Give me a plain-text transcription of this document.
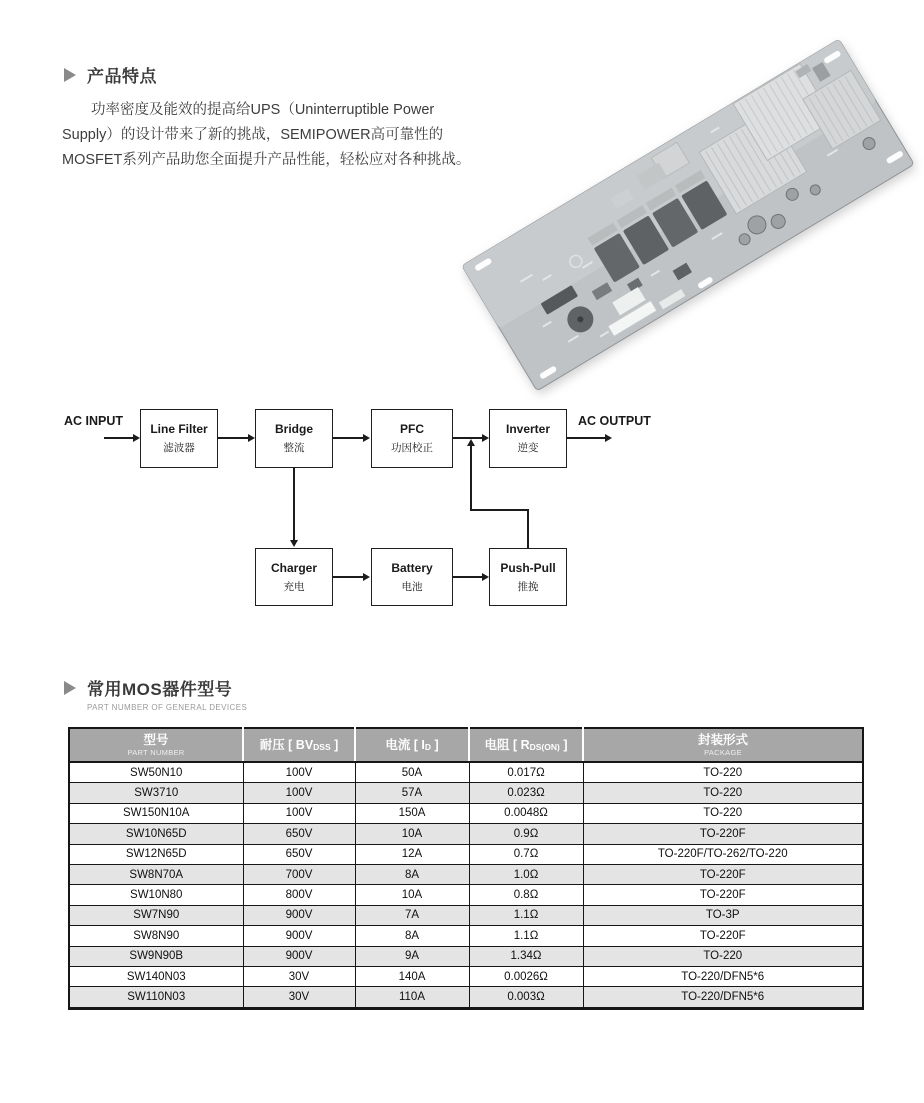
产品特点

功率密度及能效的提高给UPS（Uninterruptible Power Supply）的设计带来了新的挑战，SEMIPOWER高可靠性的MOSFET系列产品助您全面提升产品性能，轻松应对各种挑战。

AC INPUT	AC OUTPUT
Line Filter
滤波器
Bridge
整流
PFC
功因校正
Inverter
逆变
Charger
充电
Battery
电池
Push-Pull
推挽
常用MOS器件型号
PART NUMBER OF GENERAL DEVICES
型号
PART NUMBER
	耐压 [ BVDSS ]	电流 [ ID ]	电阻 [ RDS(ON) ]	封装形式
PACKAGE

SW50N10	100V	50A	0.017Ω	TO-220
SW3710	100V	57A	0.023Ω	TO-220
SW150N10A	100V	150A	0.0048Ω	TO-220
SW10N65D	650V	10A	0.9Ω	TO-220F
SW12N65D	650V	12A	0.7Ω	TO-220F/TO-262/TO-220
SW8N70A	700V	8A	1.0Ω	TO-220F
SW10N80	800V	10A	0.8Ω	TO-220F
SW7N90	900V	7A	1.1Ω	TO-3P
SW8N90	900V	8A	1.1Ω	TO-220F
SW9N90B	900V	9A	1.34Ω	TO-220
SW140N03	30V	140A	0.0026Ω	TO-220/DFN5*6
SW110N03	30V	110A	0.003Ω	TO-220/DFN5*6
